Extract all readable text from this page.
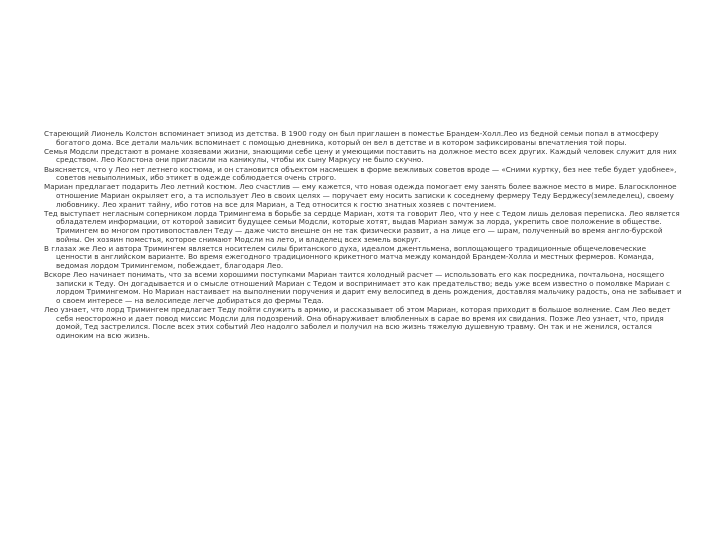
Стареющий Лионель Колстон вспоминает эпизод из детства. В 1900 году он был приглашен в поместье Брандем-Холл.Лео из бедной семьи попал в атмосферу богатого дома. Все детали мальчик вспоминает с помощью дневника, который он вел в детстве и в котором зафиксированы впечатления той поры.

Семья Модсли предстают в романе хозяевами жизни, знающими себе цену и умеющими поставить на должное место всех других. Каждый человек служит для них средством. Лео Колстона они пригласили на каникулы, чтобы их сыну Маркусу не было скучно.

Выясняется, что у Лео нет летнего костюма, и он становится объектом насмешек в форме вежливых советов вроде — «Сними куртку, без нее тебе будет удобнее», советов невыполнимых, ибо этикет в одежде соблюдается очень строго.

Мариан предлагает подарить Лео летний костюм. Лео счастлив — ему кажется, что новая одежда помогает ему занять более важное место в мире. Благосклонное отношение Мариан окрыляет его, а та использует Лео в своих целях — поручает ему носить записки к соседнему фермеру Теду Берджесу(земледелец), своему любовнику. Лео хранит тайну, ибо готов на все для Мариан, а Тед относится к гостю знатных хозяев с почтением.

Тед выступает негласным соперником лорда Тримингема в борьбе за сердце Мариан, хотя та говорит Лео, что у нее с Тедом лишь деловая переписка. Лео является обладателем информации, от которой зависит будущее семьи Модсли, которые хотят, выдав Мариан замуж за лорда, укрепить свое положение в обществе. Тримингем во многом противопоставлен Теду — даже чисто внешне он не так физически развит, а на лице его — шрам, полученный во время англо-бурской войны. Он хозяин поместья, которое снимают Модсли на лето, и владелец всех земель вокруг.

В глазах же Лео и автора Тримингем является носителем силы британского духа, идеалом джентльмена, воплощающего традиционные общечеловеческие ценности в английском варианте. Во время ежегодного традиционного крикетного матча между командой Брандем-Холла и местных фермеров. Команда, ведомая лордом Тримингемом, побеждает, благодаря Лео.

Вскоре Лео начинает понимать, что за всеми хорошими поступками Мариан таится холодный расчет — использовать его как посредника, почтальона, носящего записки к Теду. Он догадывается и о смысле отношений Мариан с Тедом и воспринимает это как предательство; ведь уже всем известно о помолвке Мариан с лордом Тримингемом. Но Мариан настаивает на выполнении поручения и дарит ему велосипед в день рождения, доставляя мальчику радость, она не забывает и о своем интересе — на велосипеде легче добираться до фермы Теда.

Лео узнает, что лорд Тримингем предлагает Теду пойти служить в армию, и рассказывает об этом Мариан, которая приходит в большое волнение. Сам Лео ведет себя неосторожно и дает повод миссис Модсли для подозрений. Она обнаруживает влюбленных в сарае во время их свидания. Позже Лео узнает, что, придя домой, Тед застрелился. После всех этих событий Лео надолго заболел и получил на всю жизнь тяжелую душевную травму. Он так и не женился, остался одиноким на всю жизнь.
